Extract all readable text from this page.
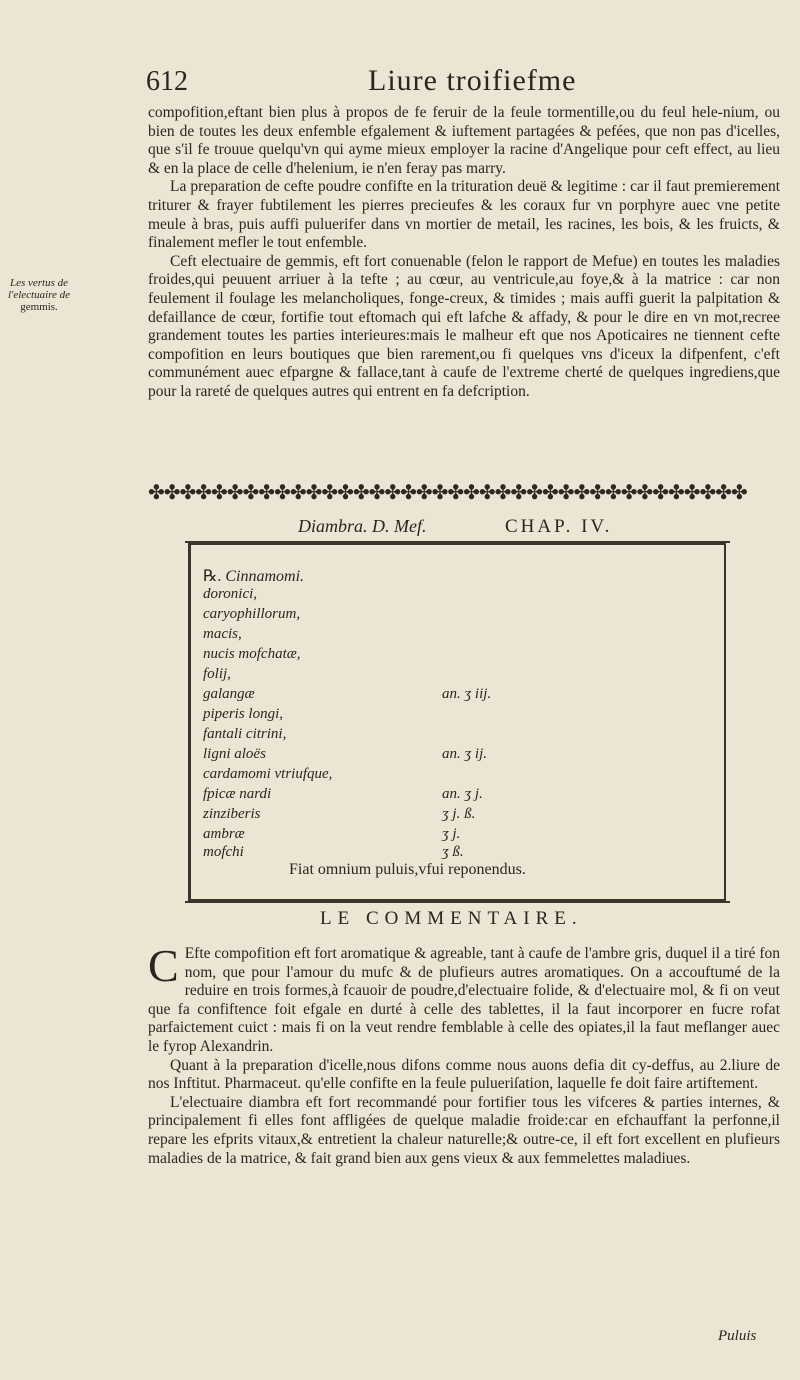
612	Liure troifiefme

compofition,eftant bien plus à propos de fe feruir de la feule tormentille,ou du feul hele-nium, ou bien de toutes les deux enfemble efgalement & iuftement partagées & pefées, que non pas d'icelles, que s'il fe trouue quelqu'vn qui ayme mieux employer la racine d'Angelique pour ceft effect, au lieu & en la place de celle d'helenium, ie n'en feray pas marry.

La preparation de cefte poudre confifte en la trituration deuë & legitime : car il faut premierement triturer & frayer fubtilement les pierres precieufes & les coraux fur vn porphyre auec vne petite meule à bras, puis auffi puluerifer dans vn mortier de metail, les racines, les bois, & les fruicts, & finalement mefler le tout enfemble.

Ceft electuaire de gemmis, eft fort conuenable (felon le rapport de Mefue) en toutes les maladies froides,qui peuuent arriuer à la tefte ; au cœur, au ventricule,au foye,& à la matrice : car non feulement il foulage les melancholiques, fonge-creux, & timides ; mais auffi guerit la palpitation & defaillance de cœur, fortifie tout eftomach qui eft lafche & affady, & pour le dire en vn mot,recree grandement toutes les parties interieures:mais le malheur eft que nos Apoticaires ne tiennent cefte compofition en leurs boutiques que bien rarement,ou fi quelques vns d'iceux la difpenfent, c'eft communément auec efpargne & fallace,tant à caufe de l'extreme cherté de quelques ingrediens,que pour la rareté de quelques autres qui entrent en fa defcription.

Les vertus de l'electuaire de
gemmis.
✤✤✤✤✤✤✤✤✤✤✤✤✤✤✤✤✤✤✤✤✤✤✤✤✤✤✤✤✤✤✤✤✤✤✤✤✤✤
Diambra. D. Mef.	CHAP. IV.
℞. Cinnamomi.
doronici,
caryophillorum,
macis,
nucis mofchatæ,
folij,
galangæ
piperis longi,
fantali citrini,
ligni aloës
cardamomi vtriufque,
fpicæ nardi
zinziberis
ambræ
mofchi
an. ʒ iij.
an. ʒ ij.
an. ʒ j.
ʒ j. ß.
ʒ j.
ʒ ß.
Fiat omnium puluis,vfui reponendus.
LE COMMENTAIRE.

C Efte compofition eft fort aromatique & agreable, tant à caufe de l'ambre gris, duquel il a tiré fon nom, que pour l'amour du mufc & de plufieurs autres aromatiques. On a accouftumé de la reduire en trois formes,à fcauoir de poudre,d'electuaire folide, & d'electuaire mol, & fi on veut que fa confiftence foit efgale en durté à celle des tablettes, il la faut incorporer en fucre rofat parfaictement cuict : mais fi on la veut rendre femblable à celle des opiates,il la faut meflanger auec le fyrop Alexandrin.

Quant à la preparation d'icelle,nous difons comme nous auons defia dit cy-deffus, au 2.liure de nos Inftitut. Pharmaceut. qu'elle confifte en la feule pulueriſation, laquelle fe doit faire artiftement.

L'electuaire diambra eft fort recommandé pour fortifier tous les vifceres & parties internes, & principalement fi elles font affligées de quelque maladie froide:car en efchauffant la perfonne,il repare les efprits vitaux,& entretient la chaleur naturelle;& outre-ce, il eft fort excellent en plufieurs maladies de la matrice, & fait grand bien aux gens vieux & aux femmelettes maladiues.

Puluis
